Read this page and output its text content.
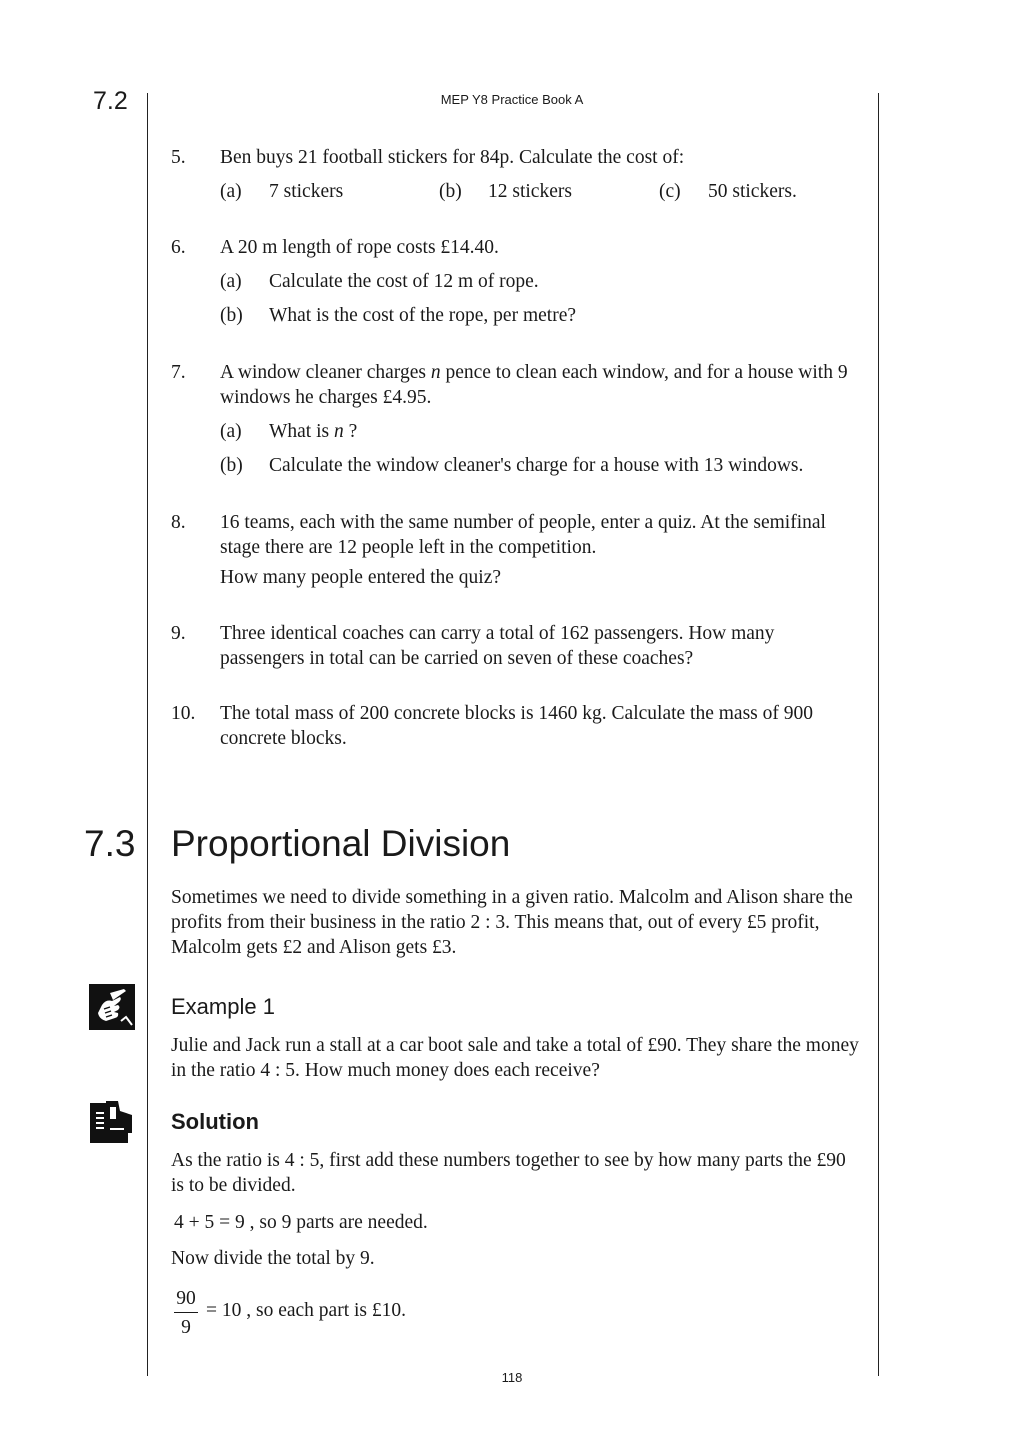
7.2	MEP Y8 Practice Book A
5. Ben buys 21 football stickers for 84p. Calculate the cost of:
(a) 7 stickers	(b) 12 stickers	(c) 50 stickers.
6. A 20 m length of rope costs £14.40.
(a) Calculate the cost of 12 m of rope.
(b) What is the cost of the rope, per metre?
7. A window cleaner charges n pence to clean each window, and for a house with 9 windows he charges £4.95.
(a) What is n ?
(b) Calculate the window cleaner's charge for a house with 13 windows.
8. 16 teams, each with the same number of people, enter a quiz. At the semifinal stage there are 12 people left in the competition.
How many people entered the quiz?
9. Three identical coaches can carry a total of 162 passengers. How many passengers in total can be carried on seven of these coaches?
10. The total mass of 200 concrete blocks is 1460 kg. Calculate the mass of 900 concrete blocks.
7.3 Proportional Division
Sometimes we need to divide something in a given ratio. Malcolm and Alison share the profits from their business in the ratio 2 : 3. This means that, out of every £5 profit, Malcolm gets £2 and Alison gets £3.
Example 1
Julie and Jack run a stall at a car boot sale and take a total of £90. They share the money in the ratio 4 : 5. How much money does each receive?
Solution
As the ratio is 4 : 5, first add these numbers together to see by how many parts the £90 is to be divided.
4 + 5 = 9 , so 9 parts are needed.
Now divide the total by 9.
90
9
= 10 , so each part is £10.
118
